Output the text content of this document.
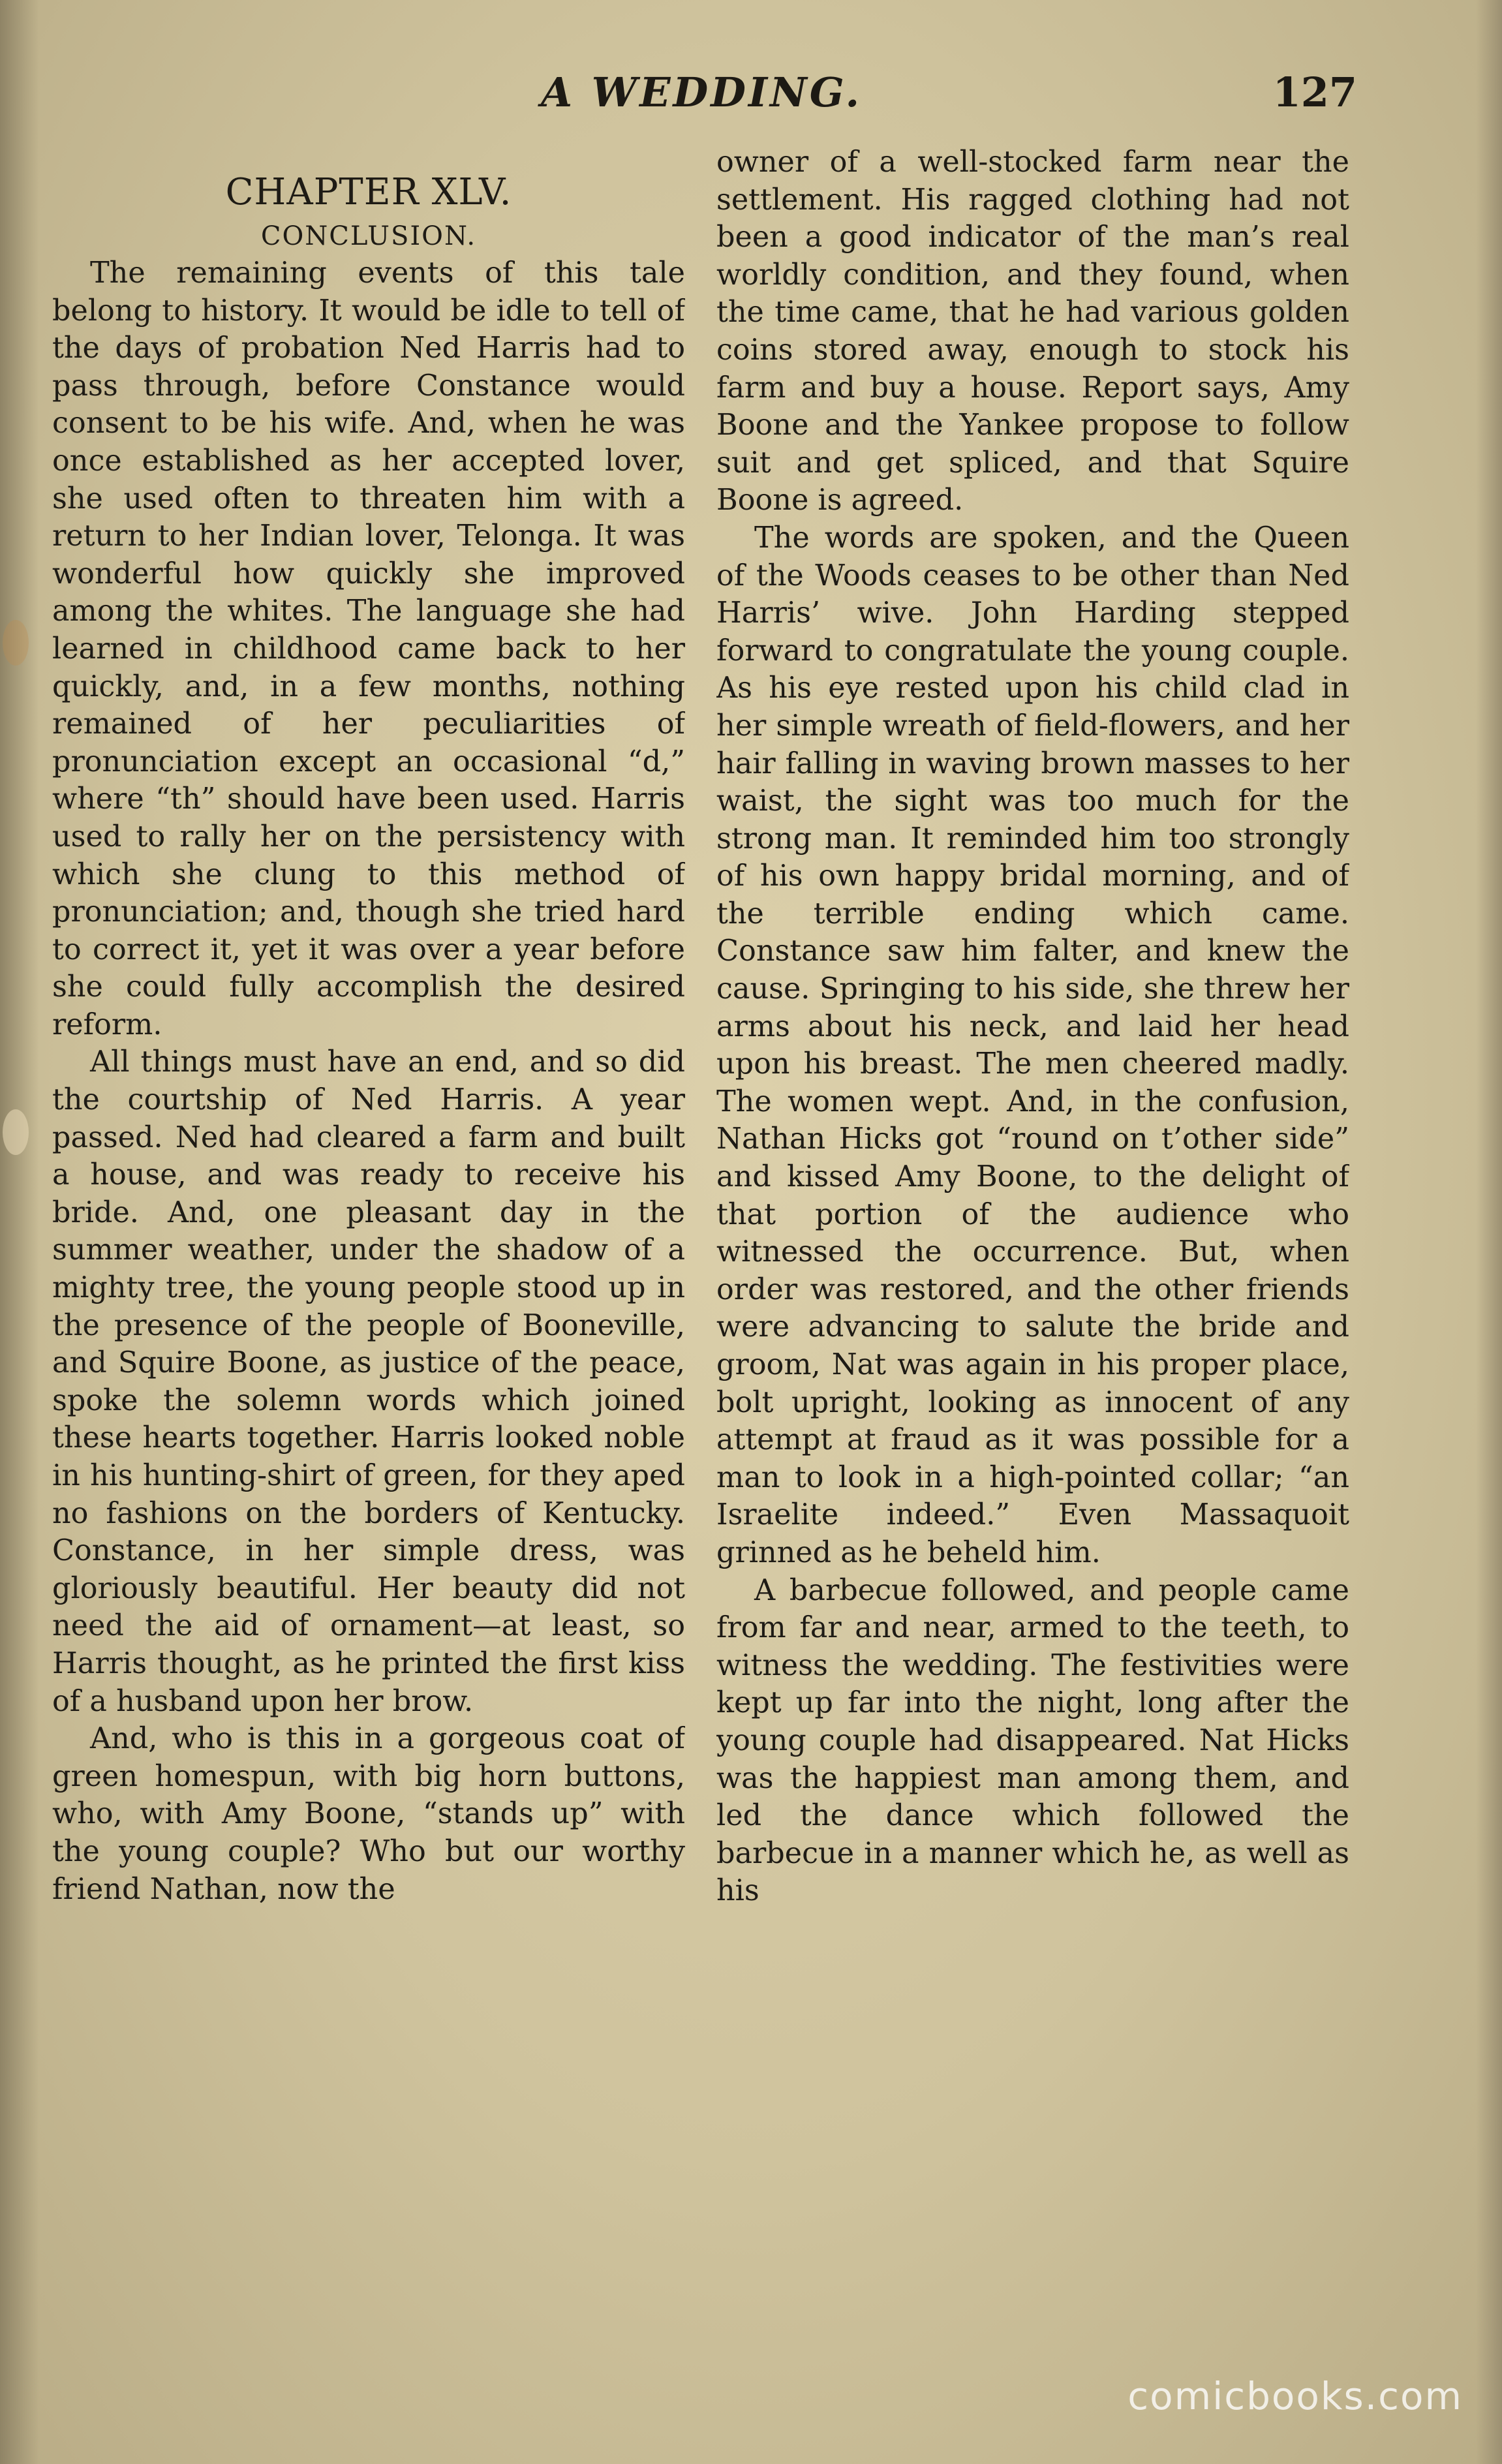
A WEDDING.	127
CHAPTER XLV.
CONCLUSION.

The remaining events of this tale belong to history. It would be idle to tell of the days of probation Ned Harris had to pass through, before Constance would consent to be his wife. And, when he was once established as her accepted lover, she used often to threaten him with a return to her Indian lover, Telonga. It was wonderful how quickly she improved among the whites. The language she had learned in childhood came back to her quickly, and, in a few months, nothing remained of her peculiarities of pronunciation except an occasional “d,” where “th” should have been used. Harris used to rally her on the persistency with which she clung to this method of pronunciation; and, though she tried hard to correct it, yet it was over a year before she could fully accomplish the desired reform.

All things must have an end, and so did the courtship of Ned Harris. A year passed. Ned had cleared a farm and built a house, and was ready to receive his bride. And, one pleasant day in the summer weather, under the shadow of a mighty tree, the young people stood up in the presence of the people of Booneville, and Squire Boone, as justice of the peace, spoke the solemn words which joined these hearts together. Harris looked noble in his hunting-shirt of green, for they aped no fashions on the borders of Kentucky. Constance, in her simple dress, was gloriously beautiful. Her beauty did not need the aid of ornament—at least, so Harris thought, as he printed the first kiss of a husband upon her brow.

And, who is this in a gorgeous coat of green homespun, with big horn buttons, who, with Amy Boone, “stands up” with the young couple? Who but our worthy friend Nathan, now the

owner of a well-stocked farm near the settlement. His ragged clothing had not been a good indicator of the man’s real worldly condition, and they found, when the time came, that he had various golden coins stored away, enough to stock his farm and buy a house. Report says, Amy Boone and the Yankee propose to follow suit and get spliced, and that Squire Boone is agreed.

The words are spoken, and the Queen of the Woods ceases to be other than Ned Harris’ wive. John Harding stepped forward to congratulate the young couple. As his eye rested upon his child clad in her simple wreath of field-flowers, and her hair falling in waving brown masses to her waist, the sight was too much for the strong man. It reminded him too strongly of his own happy bridal morning, and of the terrible ending which came. Constance saw him falter, and knew the cause. Springing to his side, she threw her arms about his neck, and laid her head upon his breast. The men cheered madly. The women wept. And, in the confusion, Nathan Hicks got “round on t’other side” and kissed Amy Boone, to the delight of that portion of the audience who witnessed the occurrence. But, when order was restored, and the other friends were advancing to salute the bride and groom, Nat was again in his proper place, bolt upright, looking as innocent of any attempt at fraud as it was possible for a man to look in a high-pointed collar; “an Israelite indeed.” Even Massaquoit grinned as he beheld him.

A barbecue followed, and people came from far and near, armed to the teeth, to witness the wedding. The festivities were kept up far into the night, long after the young couple had disappeared. Nat Hicks was the happiest man among them, and led the dance which followed the barbecue in a manner which he, as well as his

comicbooks.com
